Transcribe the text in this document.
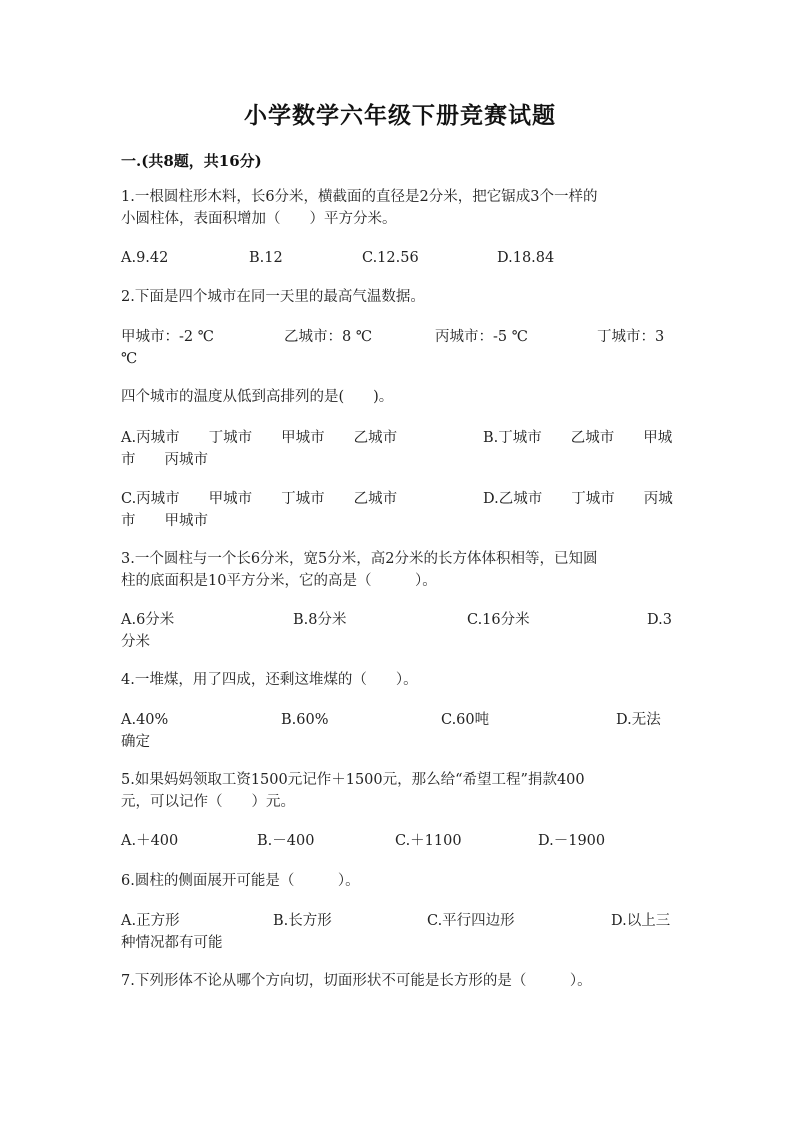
小学数学六年级下册竞赛试题
一.(共8题，共16分)
1.一根圆柱形木料，长6分米，横截面的直径是2分米，把它锯成3个一样的
小圆柱体，表面积增加（　　）平方分米。
A.9.42	B.12	C.12.56	D.18.84
2.下面是四个城市在同一天里的最高气温数据。
甲城市：-2 ℃	乙城市：8 ℃	丙城市：-5 ℃	丁城市：3
℃
四个城市的温度从低到高排列的是(　　)。
A.丙城市　　丁城市　　甲城市　　乙城市	B.丁城市　　乙城市　　甲城
市　　丙城市
C.丙城市　　甲城市　　丁城市　　乙城市	D.乙城市　　丁城市　　丙城
市　　甲城市
3.一个圆柱与一个长6分米，宽5分米，高2分米的长方体体积相等，已知圆
柱的底面积是10平方分米，它的高是（　　　）。
A.6分米	B.8分米	C.16分米	D.3
分米
4.一堆煤，用了四成，还剩这堆煤的（　　）。
A.40%	B.60%	C.60吨	D.无法
确定
5.如果妈妈领取工资1500元记作＋1500元，那么给“希望工程”捐款400
元，可以记作（　　）元。
A.＋400	B.－400	C.＋1100	D.－1900
6.圆柱的侧面展开可能是（　　　）。
A.正方形	B.长方形	C.平行四边形	D.以上三
种情况都有可能
7.下列形体不论从哪个方向切，切面形状不可能是长方形的是（　　　）。
